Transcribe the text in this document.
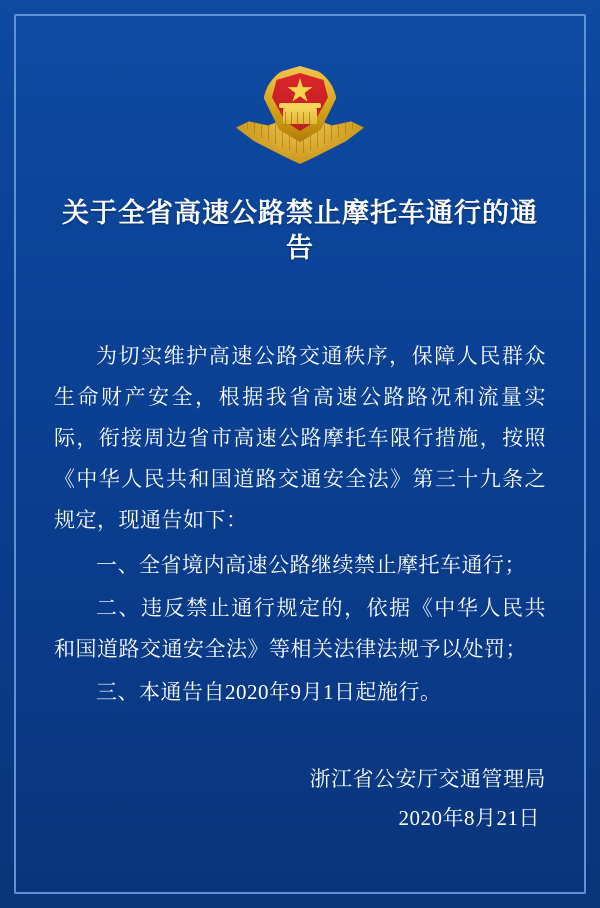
关于全省高速公路禁止摩托车通行的通告

为切实维护高速公路交通秩序，保障人民群众生命财产安全，根据我省高速公路路况和流量实际，衔接周边省市高速公路摩托车限行措施，按照《中华人民共和国道路交通安全法》第三十九条之规定，现通告如下：

一、全省境内高速公路继续禁止摩托车通行；

二、违反禁止通行规定的，依据《中华人民共和国道路交通安全法》等相关法律法规予以处罚；

三、本通告自2020年9月1日起施行。

浙江省公安厅交通管理局
2020年8月21日
